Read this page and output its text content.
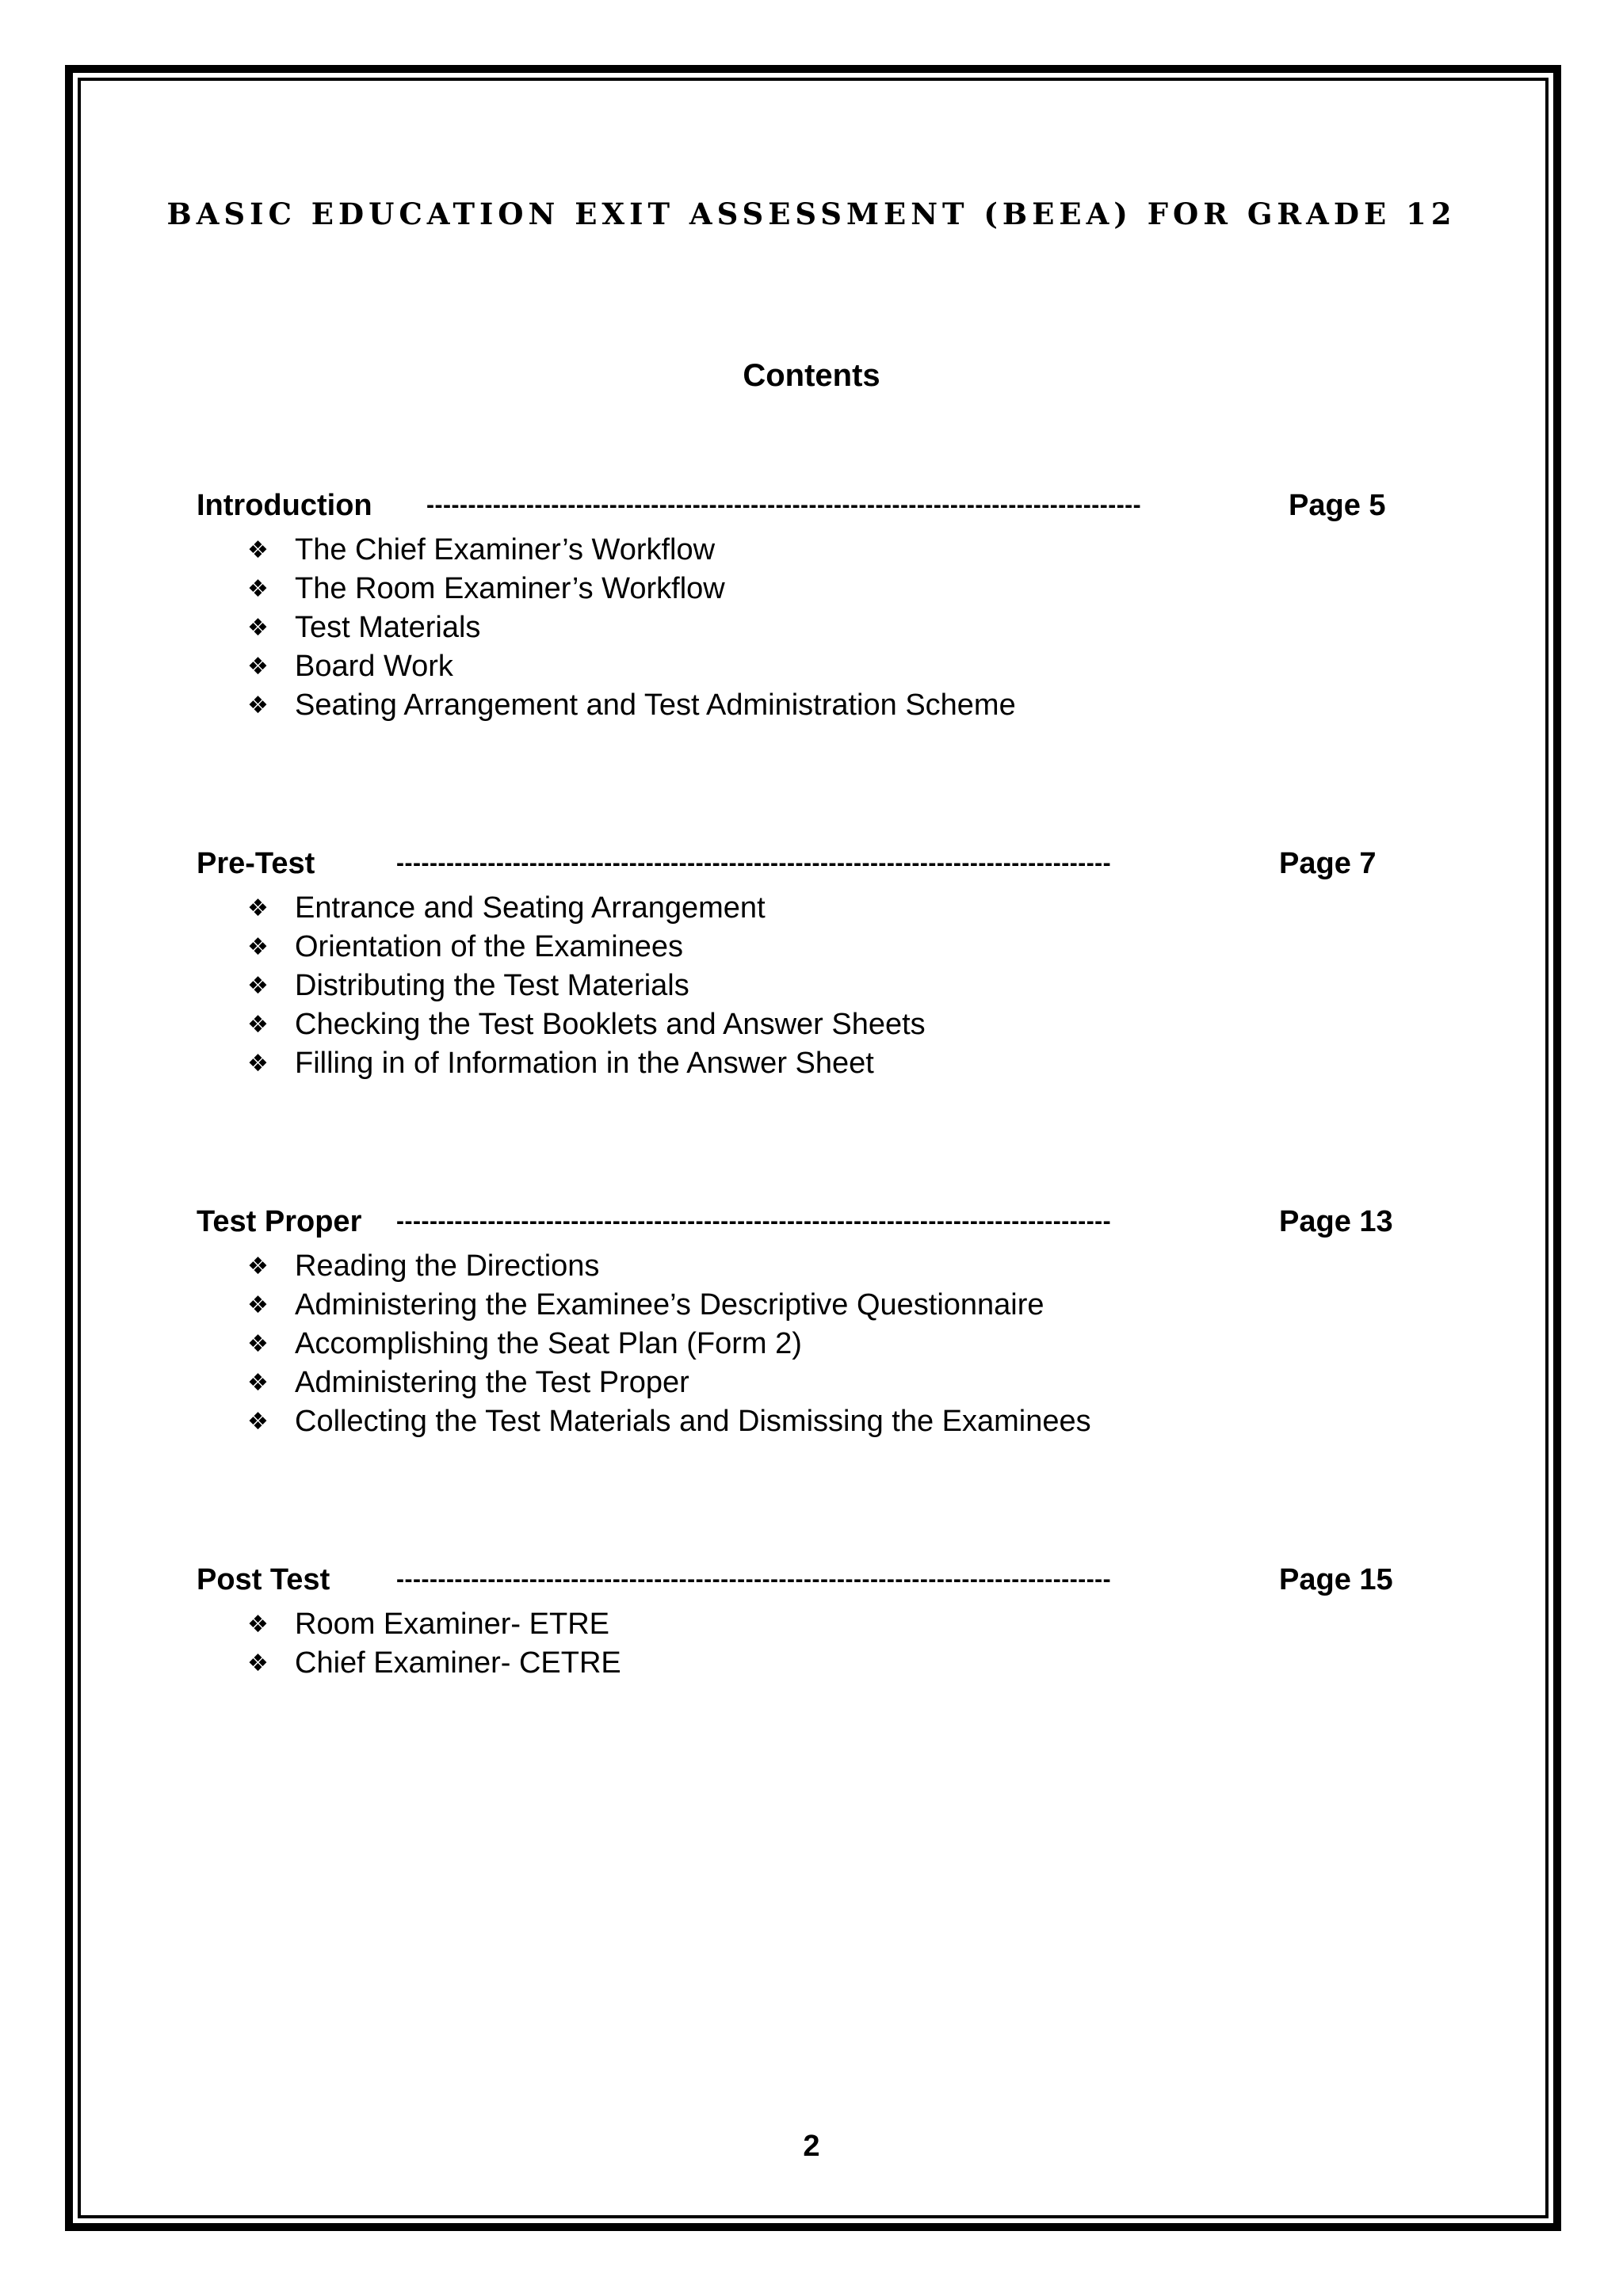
BASIC EDUCATION EXIT ASSESSMENT (BEEA) FOR GRADE 12
Contents
Introduction --------------------------------------------------------------------------------------	Page 5
❖ The Chief Examiner’s Workflow
❖ The Room Examiner’s Workflow
❖ Test Materials
❖ Board Work
❖ Seating Arrangement and Test Administration Scheme
Pre-Test	--------------------------------------------------------------------------------------	Page 7
❖ Entrance and Seating Arrangement
❖ Orientation of the Examinees
❖ Distributing the Test Materials
❖ Checking the Test Booklets and Answer Sheets
❖ Filling in of Information in the Answer Sheet
Test Proper --------------------------------------------------------------------------------------	Page 13
❖ Reading the Directions
❖ Administering the Examinee’s Descriptive Questionnaire
❖ Accomplishing the Seat Plan (Form 2)
❖ Administering the Test Proper
❖ Collecting the Test Materials and Dismissing the Examinees
Post Test	--------------------------------------------------------------------------------------	Page 15
❖ Room Examiner- ETRE
❖ Chief Examiner- CETRE
2
